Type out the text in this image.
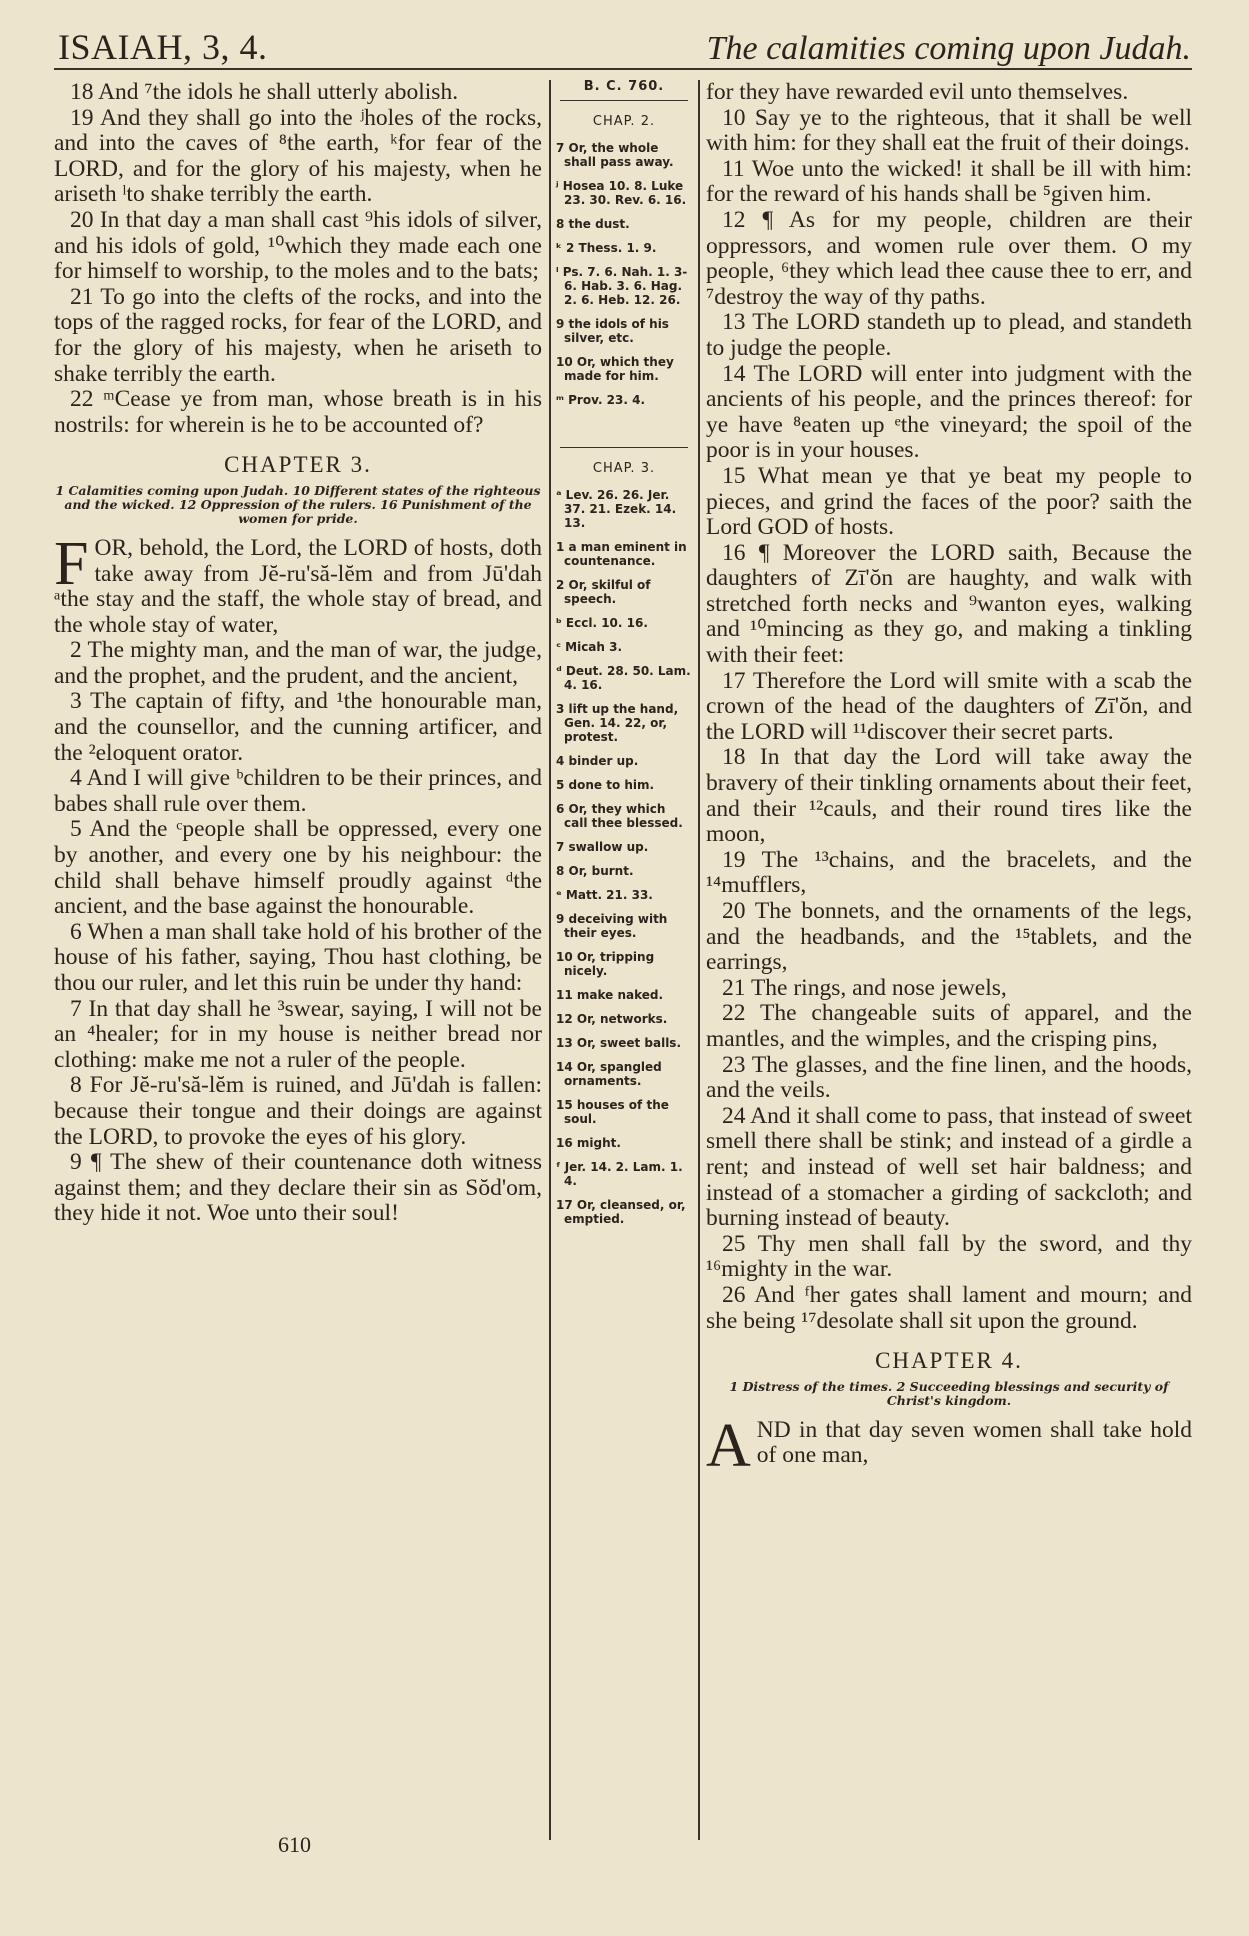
ISAIAH, 3, 4.	The calamities coming upon Judah.

18 And ⁷the idols he shall utterly abolish.

19 And they shall go into the ʲholes of the rocks, and into the caves of ⁸the earth, ᵏfor fear of the LORD, and for the glory of his majesty, when he ariseth ˡto shake terribly the earth.

20 In that day a man shall cast ⁹his idols of silver, and his idols of gold, ¹⁰which they made each one for himself to worship, to the moles and to the bats;

21 To go into the clefts of the rocks, and into the tops of the ragged rocks, for fear of the LORD, and for the glory of his majesty, when he ariseth to shake terribly the earth.

22 ᵐCease ye from man, whose breath is in his nostrils: for wherein is he to be accounted of?

CHAPTER 3.
1 Calamities coming upon Judah. 10 Different states of the righteous and the wicked. 12 Oppression of the rulers. 16 Punishment of the women for pride.

FOR, behold, the Lord, the LORD of hosts, doth take away from Jĕ-ru'să-lĕm and from Jū'dah ᵃthe stay and the staff, the whole stay of bread, and the whole stay of water,

2 The mighty man, and the man of war, the judge, and the prophet, and the prudent, and the ancient,

3 The captain of fifty, and ¹the honourable man, and the counsellor, and the cunning artificer, and the ²eloquent orator.

4 And I will give ᵇchildren to be their princes, and babes shall rule over them.

5 And the ᶜpeople shall be oppressed, every one by another, and every one by his neighbour: the child shall behave himself proudly against ᵈthe ancient, and the base against the honourable.

6 When a man shall take hold of his brother of the house of his father, saying, Thou hast clothing, be thou our ruler, and let this ruin be under thy hand:

7 In that day shall he ³swear, saying, I will not be an ⁴healer; for in my house is neither bread nor clothing: make me not a ruler of the people.

8 For Jĕ-ru'să-lĕm is ruined, and Jū'dah is fallen: because their tongue and their doings are against the LORD, to provoke the eyes of his glory.

9 ¶ The shew of their countenance doth witness against them; and they declare their sin as Sŏd'om, they hide it not. Woe unto their soul!

B. C. 760.
CHAP. 2.
7 Or, the whole shall pass away.
ʲ Hosea 10. 8. Luke 23. 30. Rev. 6. 16.
8 the dust.
ᵏ 2 Thess. 1. 9.
ˡ Ps. 7. 6. Nah. 1. 3-6. Hab. 3. 6. Hag. 2. 6. Heb. 12. 26.
9 the idols of his silver, etc.
10 Or, which they made for him.
ᵐ Prov. 23. 4.
CHAP. 3.
ᵃ Lev. 26. 26. Jer. 37. 21. Ezek. 14. 13.
1 a man eminent in countenance.
2 Or, skilful of speech.
ᵇ Eccl. 10. 16.
ᶜ Micah 3.
ᵈ Deut. 28. 50. Lam. 4. 16.
3 lift up the hand, Gen. 14. 22, or, protest.
4 binder up.
5 done to him.
6 Or, they which call thee blessed.
7 swallow up.
8 Or, burnt.
ᵉ Matt. 21. 33.
9 deceiving with their eyes.
10 Or, tripping nicely.
11 make naked.
12 Or, networks.
13 Or, sweet balls.
14 Or, spangled ornaments.
15 houses of the soul.
16 might.
ᶠ Jer. 14. 2. Lam. 1. 4.
17 Or, cleansed, or, emptied.

for they have rewarded evil unto themselves.

10 Say ye to the righteous, that it shall be well with him: for they shall eat the fruit of their doings.

11 Woe unto the wicked! it shall be ill with him: for the reward of his hands shall be ⁵given him.

12 ¶ As for my people, children are their oppressors, and women rule over them. O my people, ⁶they which lead thee cause thee to err, and ⁷destroy the way of thy paths.

13 The LORD standeth up to plead, and standeth to judge the people.

14 The LORD will enter into judgment with the ancients of his people, and the princes thereof: for ye have ⁸eaten up ᵉthe vineyard; the spoil of the poor is in your houses.

15 What mean ye that ye beat my people to pieces, and grind the faces of the poor? saith the Lord GOD of hosts.

16 ¶ Moreover the LORD saith, Because the daughters of Zī'ŏn are haughty, and walk with stretched forth necks and ⁹wanton eyes, walking and ¹⁰mincing as they go, and making a tinkling with their feet:

17 Therefore the Lord will smite with a scab the crown of the head of the daughters of Zī'ŏn, and the LORD will ¹¹discover their secret parts.

18 In that day the Lord will take away the bravery of their tinkling ornaments about their feet, and their ¹²cauls, and their round tires like the moon,

19 The ¹³chains, and the bracelets, and the ¹⁴mufflers,

20 The bonnets, and the ornaments of the legs, and the headbands, and the ¹⁵tablets, and the earrings,

21 The rings, and nose jewels,

22 The changeable suits of apparel, and the mantles, and the wimples, and the crisping pins,

23 The glasses, and the fine linen, and the hoods, and the veils.

24 And it shall come to pass, that instead of sweet smell there shall be stink; and instead of a girdle a rent; and instead of well set hair baldness; and instead of a stomacher a girding of sackcloth; and burning instead of beauty.

25 Thy men shall fall by the sword, and thy ¹⁶mighty in the war.

26 And ᶠher gates shall lament and mourn; and she being ¹⁷desolate shall sit upon the ground.

CHAPTER 4.
1 Distress of the times. 2 Succeeding blessings and security of Christ's kingdom.

AND in that day seven women shall take hold of one man,

610
